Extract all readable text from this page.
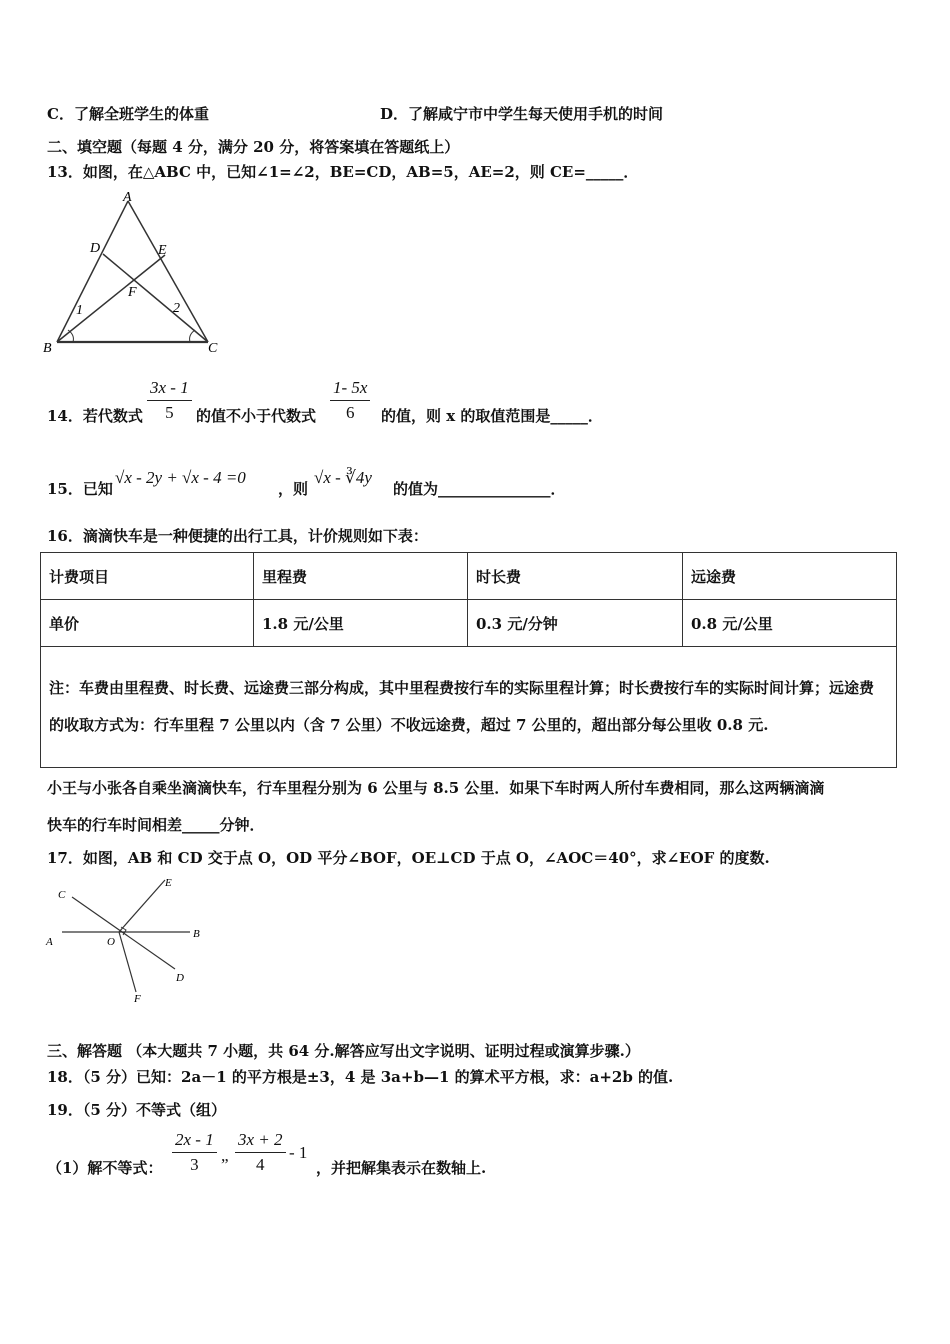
C．了解全班学生的体重	D．了解咸宁市中学生每天使用手机的时间
二、填空题（每题 4 分，满分 20 分，将答案填在答题纸上）
13．如图，在△ABC 中，已知∠1=∠2，BE=CD，AB=5，AE=2，则 CE=_____．
A
D	E
F
1	2
B	C
14．若代数式 $\frac{3x - 1}{5}$ 的值不小于代数式 $\frac{1- 5x}{6}$ 的值，则 x 的取值范围是_____．
15．已知
√x - 2y + √x - 4 =0
，则
√x - ∛4y
的值为_______________．
16．滴滴快车是一种便捷的出行工具，计价规则如下表：
计费项目	里程费	时长费	远途费
单价	1.8 元/公里	0.3 元/分钟	0.8 元/公里
注：车费由里程费、时长费、远途费三部分构成，其中里程费按行车的实际里程计算；时长费按行车的实际时间计算；远途费的收取方式为：行车里程 7 公里以内（含 7 公里）不收远途费，超过 7 公里的，超出部分每公里收 0.8 元.			
小王与小张各自乘坐滴滴快车，行车里程分别为 6 公里与 8.5 公里．如果下车时两人所付车费相同，那么这两辆滴滴
快车的行车时间相差_____分钟．
17．如图，AB 和 CD 交于点 O，OD 平分∠BOF，OE⊥CD 于点 O，∠AOC＝40°，求∠EOF 的度数.
C
E
A	O
B
D
F
三、解答题 （本大题共 7 小题，共 64 分.解答应写出文字说明、证明过程或演算步骤.）
18．（5 分）已知：2a－1 的平方根是±3，4 是 3a+b—1 的算术平方根，求：a+2b 的值.
19．（5 分）不等式（组）
（1）解不等式： $\frac{2x - 1}{3}$ „ $\frac{3x + 2}{4} - 1$
，并把解集表示在数轴上.
